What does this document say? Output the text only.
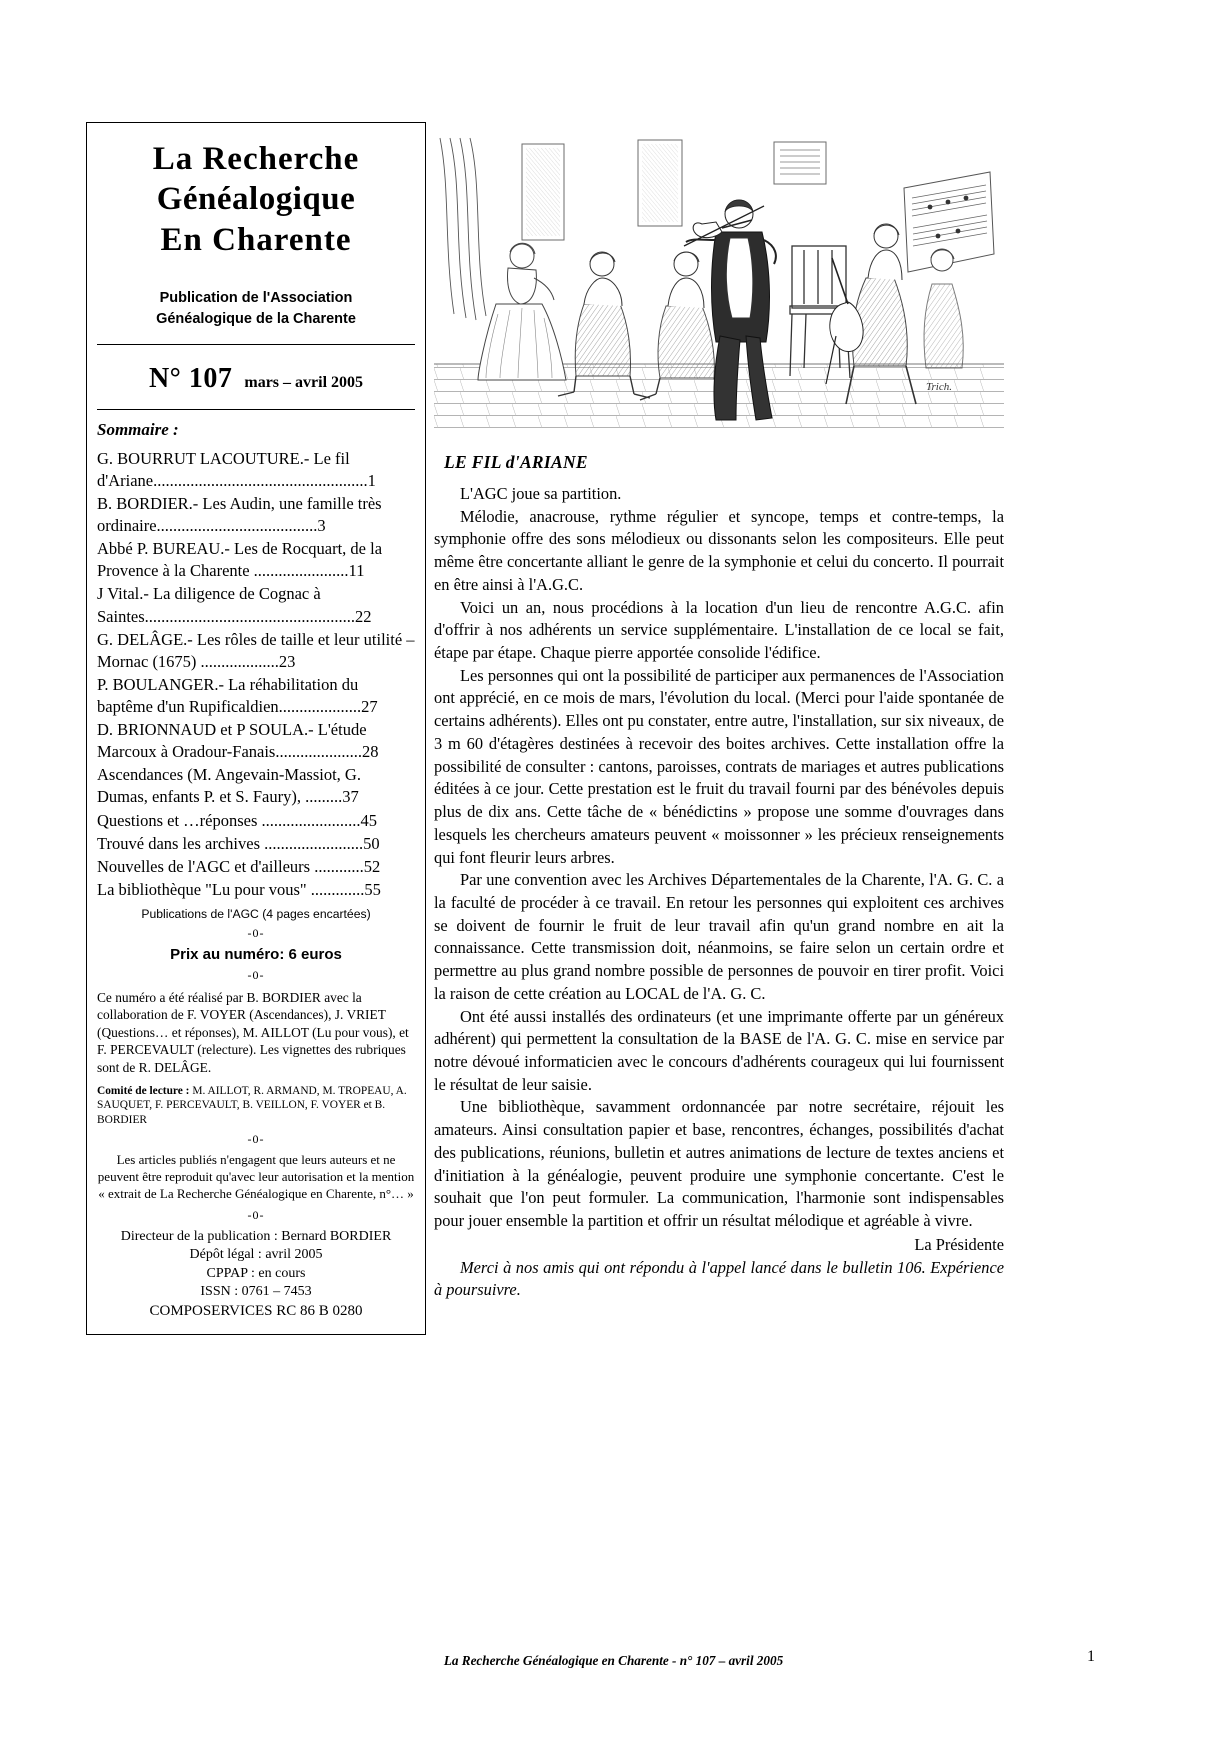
La Recherche
Généalogique
En Charente
Publication de l'Association
Généalogique de la Charente
N° 107 mars – avril 2005
Sommaire :
G. BOURRUT LACOUTURE.- Le fil d'Ariane....................................................1
B. BORDIER.- Les Audin, une famille très ordinaire.......................................3
Abbé P. BUREAU.- Les de Rocquart, de la Provence à la Charente .......................11
J Vital.- La diligence de Cognac à Saintes...................................................22
G. DELÂGE.- Les rôles de taille et leur utilité – Mornac (1675) ...................23
P. BOULANGER.- La réhabilitation du baptême d'un Rupificaldien....................27
D. BRIONNAUD et P SOULA.- L'étude Marcoux à Oradour-Fanais.....................28
Ascendances (M. Angevain-Massiot, G. Dumas, enfants P. et S. Faury), .........37
Questions et …réponses ........................45
Trouvé dans les archives ........................50
Nouvelles de l'AGC et d'ailleurs ............52
La bibliothèque "Lu pour vous" .............55
Publications de l'AGC (4 pages encartées)
-0-
Prix au numéro: 6 euros
-0-
Ce numéro a été réalisé par B. BORDIER avec la collaboration de F. VOYER (Ascendances), J. VRIET (Questions… et réponses), M. AILLOT (Lu pour vous), et F. PERCEVAULT (relecture). Les vignettes des rubriques sont de R. DELÂGE.
Comité de lecture : M. AILLOT, R. ARMAND, M. TROPEAU, A. SAUQUET, F. PERCEVAULT, B. VEILLON, F. VOYER et B. BORDIER
-0-
Les articles publiés n'engagent que leurs auteurs et ne peuvent être reproduit qu'avec leur autorisation et la mention « extrait de La Recherche Généalogique en Charente, n°… »
-0-
Directeur de la publication : Bernard BORDIER
Dépôt légal : avril 2005
CPPAP : en cours
ISSN : 0761 – 7453
COMPOSERVICES RC 86 B 0280
Trich.
LE FIL d'ARIANE

L'AGC joue sa partition.

Mélodie, anacrouse, rythme régulier et syncope, temps et contre-temps, la symphonie offre des sons mélodieux ou dissonants selon les compositeurs. Elle peut même être concertante alliant le genre de la symphonie et celui du concerto. Il pourrait en être ainsi à l'A.G.C.

Voici un an, nous procédions à la location d'un lieu de rencontre A.G.C. afin d'offrir à nos adhérents un service supplémentaire. L'installation de ce local se fait, étape par étape. Chaque pierre apportée consolide l'édifice.

Les personnes qui ont la possibilité de participer aux permanences de l'Association ont apprécié, en ce mois de mars, l'évolution du local. (Merci pour l'aide spontanée de certains adhérents). Elles ont pu constater, entre autre, l'installation, sur six niveaux, de 3 m 60 d'étagères destinées à recevoir des boites archives. Cette installation offre la possibilité de consulter : cantons, paroisses, contrats de mariages et autres publications éditées à ce jour. Cette prestation est le fruit du travail fourni par des bénévoles depuis plus de dix ans. Cette tâche de « bénédictins » propose une somme d'ouvrages dans lesquels les chercheurs amateurs peuvent « moissonner » les précieux renseignements qui font fleurir leurs arbres.

Par une convention avec les Archives Départementales de la Charente, l'A. G. C. a la faculté de procéder à ce travail. En retour les personnes qui exploitent ces archives se doivent de fournir le fruit de leur travail afin qu'un grand nombre en ait la connaissance. Cette transmission doit, néanmoins, se faire selon un certain ordre et permettre au plus grand nombre possible de personnes de pouvoir en tirer profit. Voici la raison de cette création au LOCAL de l'A. G. C.

Ont été aussi installés des ordinateurs (et une imprimante offerte par un généreux adhérent) qui permettent la consultation de la BASE de l'A. G. C. mise en service par notre dévoué informaticien avec le concours d'adhérents courageux qui lui fournissent le résultat de leur saisie.

Une bibliothèque, savamment ordonnancée par notre secrétaire, réjouit les amateurs. Ainsi consultation papier et base, rencontres, échanges, possibilités d'achat des publications, réunions, bulletin et autres animations de lecture de textes anciens et d'initiation à la généalogie, peuvent produire une symphonie concertante. C'est le souhait que l'on peut formuler. La communication, l'harmonie sont indispensables pour jouer ensemble la partition et offrir un résultat mélodique et agréable à vivre.

La Présidente
Merci à nos amis qui ont répondu à l'appel lancé dans le bulletin 106. Expérience à poursuivre.
La Recherche Généalogique en Charente - n° 107 – avril 2005	1
